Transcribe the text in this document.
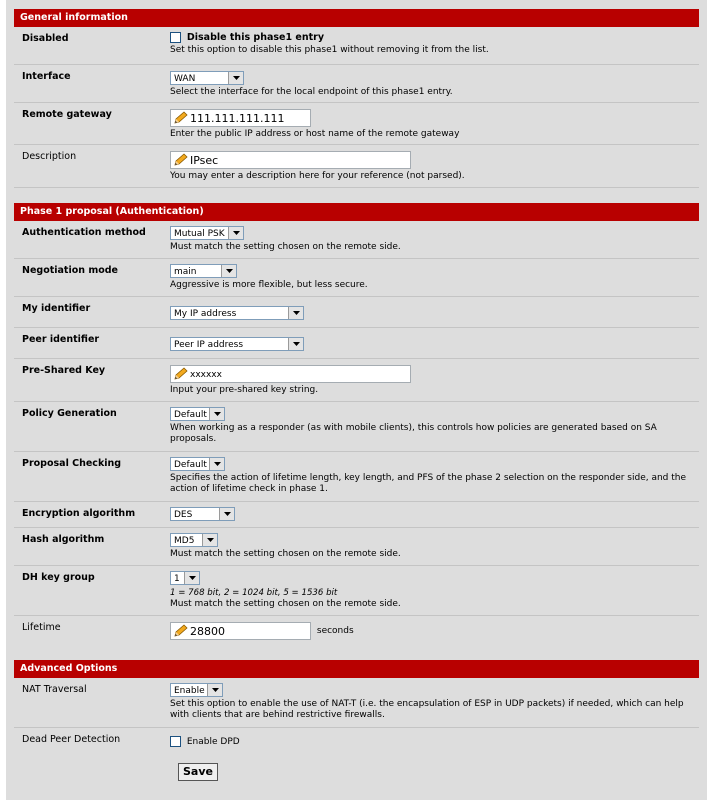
General information
Disabled	Disable this phase1 entry
Set this option to disable this phase1 without removing it from the list.
Interface	WAN
Select the interface for the local endpoint of this phase1 entry.
Remote gateway	111.111.111.111
Enter the public IP address or host name of the remote gateway
Description	IPsec
You may enter a description here for your reference (not parsed).
Phase 1 proposal (Authentication)
Authentication method	Mutual PSK
Must match the setting chosen on the remote side.
Negotiation mode	main
Aggressive is more flexible, but less secure.
My identifier	My IP address
Peer identifier	Peer IP address
Pre-Shared Key	xxxxxx
Input your pre-shared key string.
Policy Generation	Default
When working as a responder (as with mobile clients), this controls how policies are generated based on SA proposals.
Proposal Checking	Default
Specifies the action of lifetime length, key length, and PFS of the phase 2 selection on the responder side, and the action of lifetime check in phase 1.
Encryption algorithm	DES
Hash algorithm	MD5
Must match the setting chosen on the remote side.
DH key group	1
1 = 768 bit, 2 = 1024 bit, 5 = 1536 bit
Must match the setting chosen on the remote side.
Lifetime	28800	seconds
Advanced Options
NAT Traversal	Enable
Set this option to enable the use of NAT-T (i.e. the encapsulation of ESP in UDP packets) if needed, which can help with clients that are behind restrictive firewalls.
Dead Peer Detection	Enable DPD
Save
